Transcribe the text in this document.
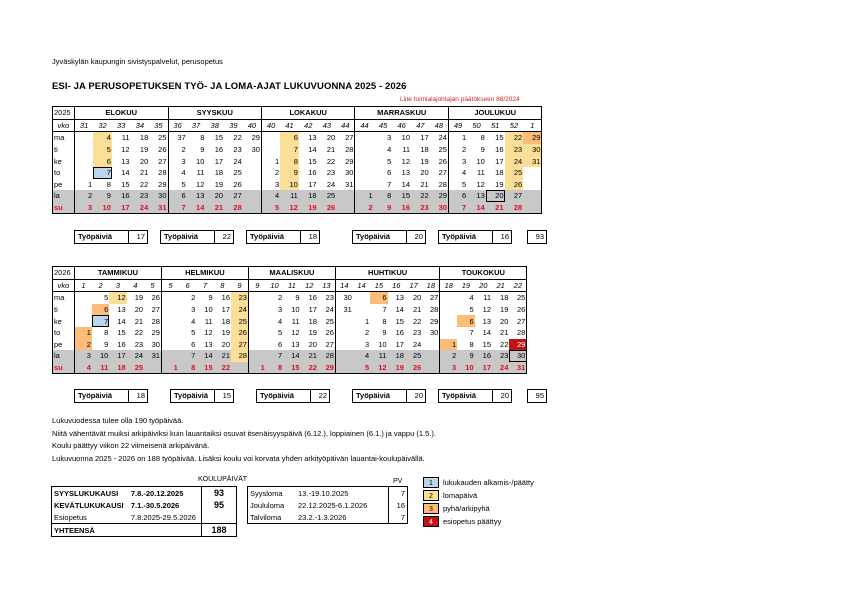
Jyväskylän kaupungin sivistyspalvelut, perusopetus
ESI- JA PERUSOPETUKSEN TYÖ- JA LOMA-AJAT LUKUVUONNA 2025 - 2026
Liite toimialajohtajan päätökseen 88/2024
2025	ELOKUU					SYYSKUU					LOKAKUU					MARRASKUU					JOULUKUU				
vko	31	32	33	34	35	36	37	38	39	40	40	41	42	43	44	44	45	46	47	48	49	50	51	52	1
ma		4	11	18	25	37	8	15	22	29		6	13	20	27		3	10	17	24	1	8	15	22	29
ti		5	12	19	26	2	9	16	23	30		7	14	21	28		4	11	18	25	2	9	16	23	30
ke		6	13	20	27	3	10	17	24		1	8	15	22	29		5	12	19	26	3	10	17	24	31
to		7	14	21	28	4	11	18	25		2	9	16	23	30		6	13	20	27	4	11	18	25	
pe	1	8	15	22	29	5	12	19	26		3	10	17	24	31		7	14	21	28	5	12	19	26	
la	2	9	16	23	30	6	13	20	27		4	11	18	25		1	8	15	22	29	6	13	20	27	
su	3	10	17	24	31	7	14	21	28		5	12	19	26		2	9	16	23	30	7	14	21	28	
Työpäiviä	17	Työpäiviä	22	Työpäiviä	18	Työpäiviä	20	Työpäiviä	16	93
2026	TAMMIKUU					HELMIKUU					MAALISKUU					HUHTIKUU						TOUKOKUU				
vko	1	2	3	4	5	5	6	7	8	9	9	10	11	12	13	14	14	15	16	17	18	18	19	20	21	22
ma		5	12	19	26		2	9	16	23		2	9	16	23	30		6	13	20	27		4	11	18	25
ti		6	13	20	27		3	10	17	24		3	10	17	24	31		7	14	21	28		5	12	19	26
ke		7	14	21	28		4	11	18	25		4	11	18	25		1	8	15	22	29		6	13	20	27
to	1	8	15	22	29		5	12	19	26		5	12	19	26		2	9	16	23	30		7	14	21	28
pe	2	9	16	23	30		6	13	20	27		6	13	20	27		3	10	17	24		1	8	15	22	29
la	3	10	17	24	31		7	14	21	28		7	14	21	28		4	11	18	25		2	9	16	23	30
su	4	11	18	25		1	8	15	22		1	8	15	22	29		5	12	19	26		3	10	17	24	31
Työpäiviä	18	Työpäiviä	15	Työpäiviä	22	Työpäiviä	20	Työpäiviä	20	95
Lukuvuodessa tulee olla 190 työpäivää.
Niitä vähentävät muiksi arkipäiviksi kuin lauantaiksi osuvat itsenäisyyspäivä (6.12.), loppiainen (6.1.) ja vappu (1.5.).
Koulu päättyy viikon 22 viimeisenä arkipäivänä.
Lukuvuonna 2025 - 2026 on 188 työpäivää. Lisäksi koulu voi korvata yhden arkityöpäivän lauantai-koulupäivällä.
KOULUPÄIVÄT
SYYSLUKUKAUSI	7.8.-20.12.2025	93
KEVÄTLUKUKAUSI	7.1.-30.5.2026	95
Esiopetus	7.8.2025-29.5.2026	
YHTEENSÄ		188
PV
Syysloma	13.-19.10.2025	7
Joululoma	22.12.2025-6.1.2026	16
Talviloma	23.2.-1.3.2026	7
1	lukukauden alkamis-/päätty
2	lomapäivä
3	pyhä/arkipyhä
4	esiopetus päättyy
